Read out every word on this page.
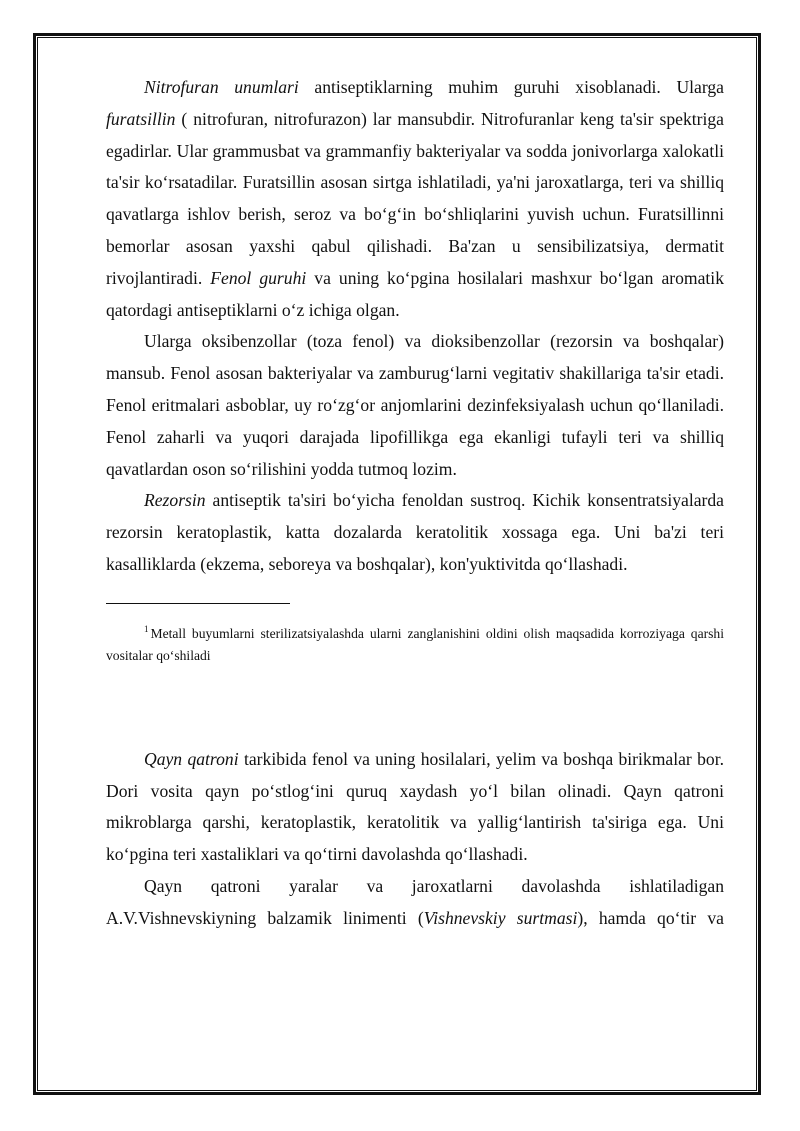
Nitrofuran unumlari antiseptiklarning muhim guruhi xisoblanadi. Ularga furatsillin ( nitrofuran, nitrofurazon) lar mansubdir. Nitrofuranlar keng ta'sir spektriga egadirlar. Ular grammusbat va grammanfiy bakteriyalar va sodda jonivorlarga xalokatli ta'sir ko‘rsatadilar. Furatsillin asosan sirtga ishlatiladi, ya'ni jaroxatlarga, teri va shilliq qavatlarga ishlov berish, seroz va bo‘g‘in bo‘shliqlarini yuvish uchun. Furatsillinni bemorlar asosan yaxshi qabul qilishadi. Ba'zan u sensibilizatsiya, dermatit rivojlantiradi. Fenol guruhi va uning ko‘pgina hosilalari mashxur bo‘lgan aromatik qatordagi antiseptiklarni o‘z ichiga olgan.

Ularga oksibenzollar (toza fenol) va dioksibenzollar (rezorsin va boshqalar) mansub. Fenol asosan bakteriyalar va zamburug‘larni vegitativ shakillariga ta'sir etadi. Fenol eritmalari asboblar, uy ro‘zg‘or anjomlarini dezinfeksiyalash uchun qo‘llaniladi. Fenol zaharli va yuqori darajada lipofillikga ega ekanligi tufayli teri va shilliq qavatlardan oson so‘rilishini yodda tutmoq lozim.

Rezorsin antiseptik ta'siri bo‘yicha fenoldan sustroq. Kichik konsentratsiyalarda rezorsin keratoplastik, katta dozalarda keratolitik xossaga ega. Uni ba'zi teri kasalliklarda (ekzema, seboreya va boshqalar), kon'yuktivitda qo‘llashadi.

$^1$ Metall buyumlarni sterilizatsiyalashda ularni zanglanishini oldini olish maqsadida korroziyaga qarshi vositalar qo‘shiladi

Qayn qatroni tarkibida fenol va uning hosilalari, yelim va boshqa birikmalar bor. Dori vosita qayn po‘stlog‘ini quruq xaydash yo‘l bilan olinadi. Qayn qatroni mikroblarga qarshi, keratoplastik, keratolitik va yallig‘lantirish ta'siriga ega. Uni ko‘pgina teri xastaliklari va qo‘tirni davolashda qo‘llashadi.

Qayn qatroni yaralar va jaroxatlarni davolashda ishlatiladigan A.V.Vishnevskiyning balzamik linimenti (Vishnevskiy surtmasi), hamda qo‘tir va
